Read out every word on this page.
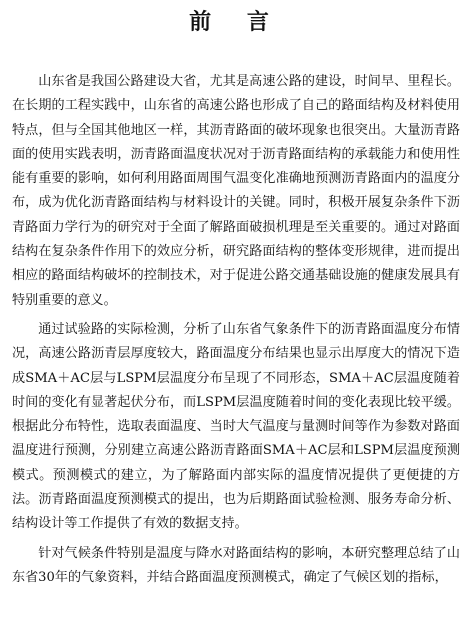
前 言

山东省是我国公路建设大省，尤其是高速公路的建设，时间早、里程长。在长期的工程实践中，山东省的高速公路也形成了自己的路面结构及材料使用特点，但与全国其他地区一样，其沥青路面的破坏现象也很突出。大量沥青路面的使用实践表明，沥青路面温度状况对于沥青路面结构的承载能力和使用性能有重要的影响，如何利用路面周围气温变化准确地预测沥青路面内的温度分布，成为优化沥青路面结构与材料设计的关键。同时，积极开展复杂条件下沥青路面力学行为的研究对于全面了解路面破损机理是至关重要的。通过对路面结构在复杂条件作用下的效应分析，研究路面结构的整体变形规律，进而提出相应的路面结构破坏的控制技术，对于促进公路交通基础设施的健康发展具有特别重要的意义。

通过试验路的实际检测，分析了山东省气象条件下的沥青路面温度分布情况，高速公路沥青层厚度较大，路面温度分布结果也显示出厚度大的情况下造成SMA＋AC层与LSPM层温度分布呈现了不同形态，SMA＋AC层温度随着时间的变化有显著起伏分布，而LSPM层温度随着时间的变化表现比较平缓。根据此分布特性，选取表面温度、当时大气温度与量测时间等作为参数对路面温度进行预测，分别建立高速公路沥青路面SMA＋AC层和LSPM层温度预测模式。预测模式的建立，为了解路面内部实际的温度情况提供了更便捷的方法。沥青路面温度预测模式的提出，也为后期路面试验检测、服务寿命分析、结构设计等工作提供了有效的数据支持。

针对气候条件特别是温度与降水对路面结构的影响，本研究整理总结了山东省30年的气象资料，并结合路面温度预测模式，确定了气候区划的指标，
